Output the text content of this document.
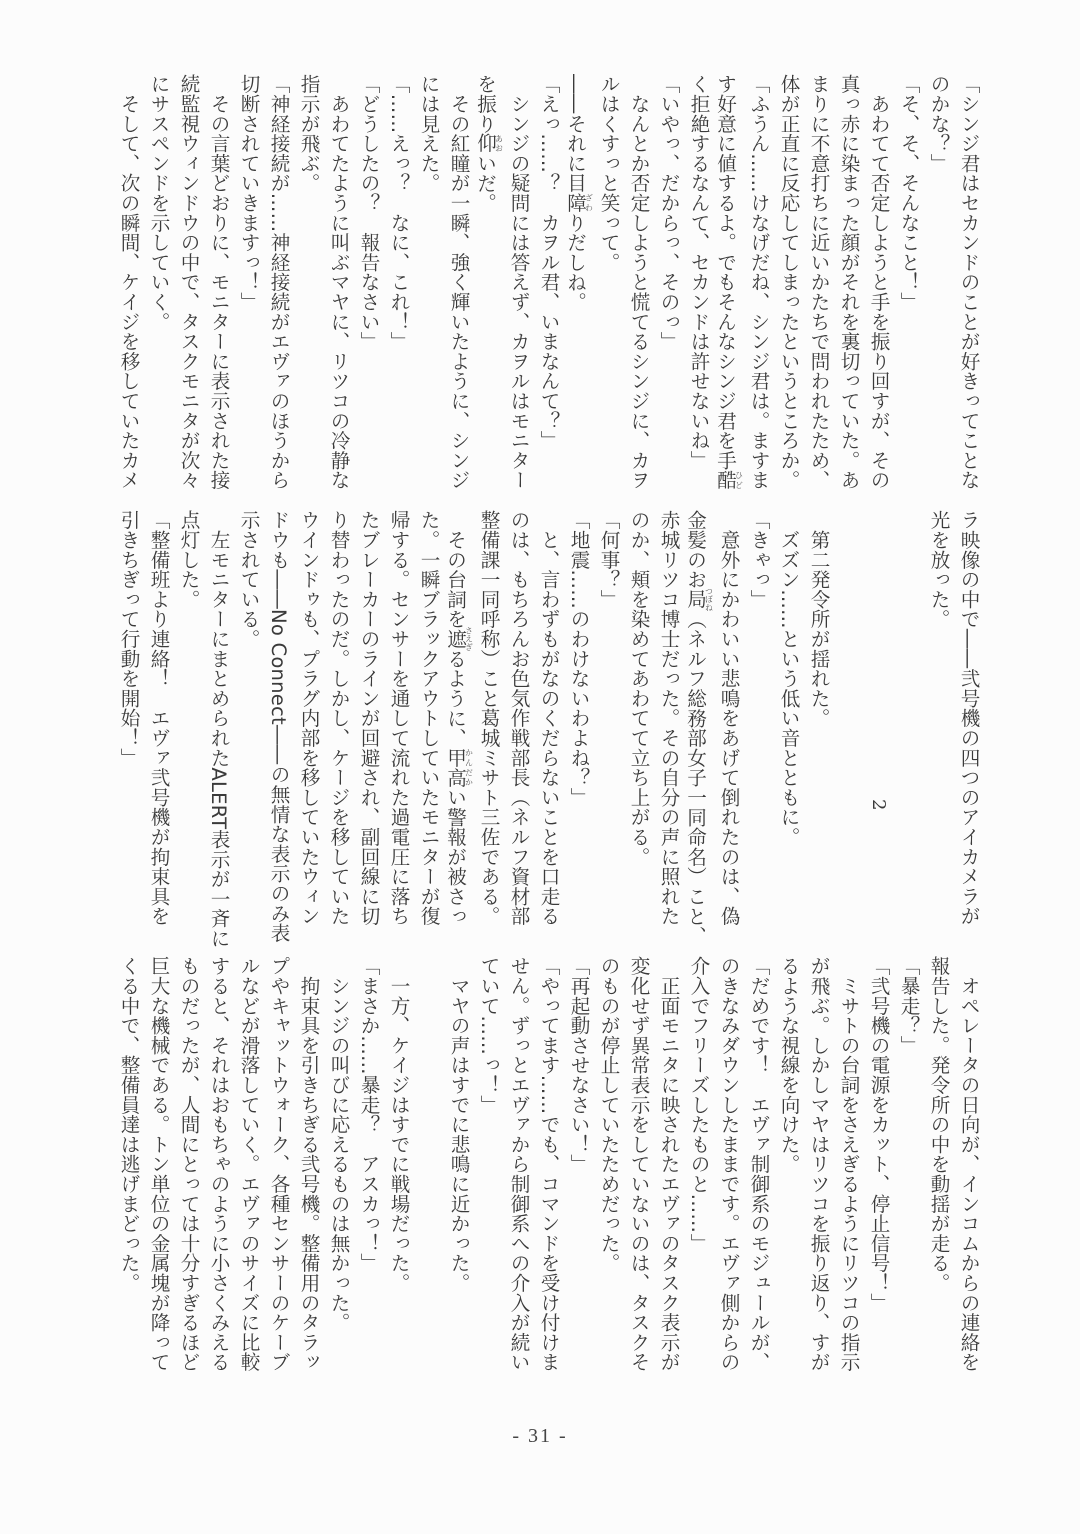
「シンジ君はセカンドのことが好きってことな
のかな？」
「そ、そ、そんなこと！」
　あわてて否定しようと手を振り回すが、その
真っ赤に染まった顔がそれを裏切っていた。あ
まりに不意打ちに近いかたちで問われたため、
体が正直に反応してしまったというところか。
「ふうん……けなげだね、シンジ君は。ますま
す好意に値するよ。でもそんなシンジ君を手酷ひど
く拒絶するなんて、セカンドは許せないね」
「いやっ、だからっ、そのっ」
　なんとか否定しようと慌てるシンジに、カヲ
ルはくすっと笑って。
――それに目障ざわりだしね。
「えっ……？　カヲル君、いまなんて？」
　シンジの疑問には答えず、カヲルはモニター
を振り仰あおいだ。
　その紅瞳が一瞬、強く輝いたように、シンジ
には見えた。
「……えっ？　なに、これ！」
「どうしたの？　報告なさい」
　あわてたように叫ぶマヤに、リツコの冷静な
指示が飛ぶ。
「神経接続が……神経接続がエヴァのほうから
切断されていきますっ！」
　その言葉どおりに、モニターに表示された接
続監視ウィンドウの中で、タスクモニタが次々
にサスペンドを示していく。
　そして、次の瞬間、ケイジを移していたカメ
ラ映像の中で――弐号機の四つのアイカメラが
光を放った。
2
　第二発令所が揺れた。
　ズズン……という低い音とともに。
「きゃっ」
　意外にかわいい悲鳴をあげて倒れたのは、偽
金髪のお局つぼね（ネルフ総務部女子一同命名）こと、
赤城リツコ博士だった。その自分の声に照れた
のか、頬を染めてあわてて立ち上がる。
「何事？」
「地震……のわけないわよね？」
　と、言わずもがなのくだらないことを口走る
のは、もちろんお色気作戦部長（ネルフ資材部
整備課一同呼称）こと葛城ミサト三佐である。
　その台詞を遮さえぎるように、甲高かんだかい警報が被さっ
た。一瞬ブラックアウトしていたモニターが復
帰する。センサーを通して流れた過電圧に落ち
たブレーカーのラインが回避され、副回線に切
り替わったのだ。しかし、ケージを移していた
ウインドゥも、プラグ内部を移していたウィン
ドウも――No Connect――の無情な表示のみ表
示されている。
　左モニターにまとめられたALERT表示が一斉に
点灯した。
「整備班より連絡！　エヴァ弐号機が拘束具を
引きちぎって行動を開始！」
　オペレータの日向が、インコムからの連絡を
報告した。発令所の中を動揺が走る。
「暴走？」
「弐号機の電源をカット、停止信号！」
　ミサトの台詞をさえぎるようにリツコの指示
が飛ぶ。しかしマヤはリツコを振り返り、すが
るような視線を向けた。
「だめです！　エヴァ制御系のモジュールが、
のきなみダウンしたままです。エヴァ側からの
介入でフリーズしたものと……」
　正面モニタに映されたエヴァのタスク表示が
変化せず異常表示をしていないのは、タスクそ
のものが停止していたためだった。
「再起動させなさい！」
「やってます……でも、コマンドを受け付けま
せん。ずっとエヴァから制御系への介入が続い
ていて……っ！」
　マヤの声はすでに悲鳴に近かった。
　一方、ケイジはすでに戦場だった。
「まさか……暴走？　アスカっ！」
　シンジの叫びに応えるものは無かった。
　拘束具を引きちぎる弐号機。整備用のタラッ
プやキャットウォーク、各種センサーのケーブ
ルなどが滑落していく。エヴァのサイズに比較
すると、それはおもちゃのように小さくみえる
ものだったが、人間にとっては十分すぎるほど
巨大な機械である。トン単位の金属塊が降って
くる中で、整備員達は逃げまどった。
- 31 -
